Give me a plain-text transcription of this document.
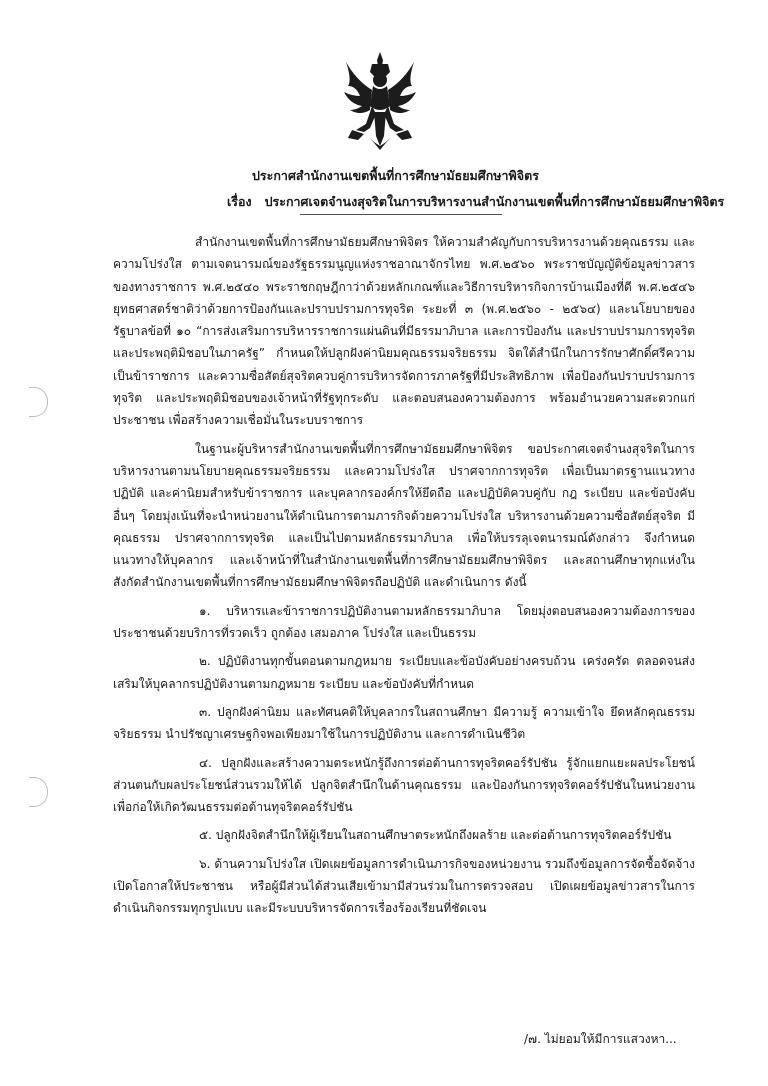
ประกาศสำนักงานเขตพื้นที่การศึกษามัธยมศึกษาพิจิตร
เรื่อง ประกาศเจตจำนงสุจริตในการบริหารงานสำนักงานเขตพื้นที่การศึกษามัธยมศึกษาพิจิตร

สำนักงานเขตพื้นที่การศึกษามัธยมศึกษาพิจิตร ให้ความสำคัญกับการบริหารงานด้วยคุณธรรม และความโปร่งใส ตามเจตนารมณ์ของรัฐธรรมนูญแห่งราชอาณาจักรไทย พ.ศ.๒๕๖๐ พระราชบัญญัติข้อมูลข่าวสารของทางราชการ พ.ศ.๒๕๔๐ พระราชกฤษฎีกาว่าด้วยหลักเกณฑ์และวิธีการบริหารกิจการบ้านเมืองที่ดี พ.ศ.๒๕๔๖ ยุทธศาสตร์ชาติว่าด้วยการป้องกันและปราบปรามการทุจริต ระยะที่ ๓ (พ.ศ.๒๕๖๐ - ๒๕๖๔) และนโยบายของรัฐบาลข้อที่ ๑๐ “การส่งเสริมการบริหารราชการแผ่นดินที่มีธรรมาภิบาล และการป้องกัน และปราบปรามการทุจริต และประพฤติมิชอบในภาครัฐ” กำหนดให้ปลูกฝังค่านิยมคุณธรรมจริยธรรม จิตใต้สำนึกในการรักษาศักดิ์ศรีความเป็นข้าราชการ และความซื่อสัตย์สุจริตควบคู่การบริหารจัดการภาครัฐที่มีประสิทธิภาพ เพื่อป้องกันปราบปรามการทุจริต และประพฤติมิชอบของเจ้าหน้าที่รัฐทุกระดับ และตอบสนองความต้องการ พร้อมอำนวยความสะดวกแก่ประชาชน เพื่อสร้างความเชื่อมั่นในระบบราชการ

ในฐานะผู้บริหารสำนักงานเขตพื้นที่การศึกษามัธยมศึกษาพิจิตร ขอประกาศเจตจำนงสุจริตในการบริหารงานตามนโยบายคุณธรรมจริยธรรม และความโปร่งใส ปราศจากการทุจริต เพื่อเป็นมาตรฐานแนวทางปฏิบัติ และค่านิยมสำหรับข้าราชการ และบุคลากรองค์กรให้ยึดถือ และปฏิบัติควบคู่กับ กฎ ระเบียบ และข้อบังคับอื่นๆ โดยมุ่งเน้นที่จะนำหน่วยงานให้ดำเนินการตามภารกิจด้วยความโปร่งใส บริหารงานด้วยความซื่อสัตย์สุจริต มีคุณธรรม ปราศจากการทุจริต และเป็นไปตามหลักธรรมาภิบาล เพื่อให้บรรลุเจตนารมณ์ดังกล่าว จึงกำหนดแนวทางให้บุคลากร และเจ้าหน้าที่ในสำนักงานเขตพื้นที่การศึกษามัธยมศึกษาพิจิตร และสถานศึกษาทุกแห่งในสังกัดสำนักงานเขตพื้นที่การศึกษามัธยมศึกษาพิจิตรถือปฏิบัติ และดำเนินการ ดังนี้

๑. บริหารและข้าราชการปฏิบัติงานตามหลักธรรมาภิบาล โดยมุ่งตอบสนองความต้องการของประชาชนด้วยบริการที่รวดเร็ว ถูกต้อง เสมอภาค โปร่งใส และเป็นธรรม

๒. ปฏิบัติงานทุกขั้นตอนตามกฎหมาย ระเบียบและข้อบังคับอย่างครบถ้วน เคร่งครัด ตลอดจนส่งเสริมให้บุคลากรปฏิบัติงานตามกฎหมาย ระเบียบ และข้อบังคับที่กำหนด

๓. ปลูกฝังค่านิยม และทัศนคติให้บุคลากรในสถานศึกษา มีความรู้ ความเข้าใจ ยึดหลักคุณธรรมจริยธรรม นำปรัชญาเศรษฐกิจพอเพียงมาใช้ในการปฏิบัติงาน และการดำเนินชีวิต

๔. ปลูกฝังและสร้างความตระหนักรู้ถึงการต่อต้านการทุจริตคอร์รัปชัน รู้จักแยกแยะผลประโยชน์ส่วนตนกับผลประโยชน์ส่วนรวมให้ได้ ปลูกจิตสำนึกในด้านคุณธรรม และป้องกันการทุจริตคอร์รัปชันในหน่วยงาน เพื่อก่อให้เกิดวัฒนธรรมต่อต้านทุจริตคอร์รัปชัน

๕. ปลูกฝังจิตสำนึกให้ผู้เรียนในสถานศึกษาตระหนักถึงผลร้าย และต่อต้านการทุจริตคอร์รัปชัน

๖. ด้านความโปร่งใส เปิดเผยข้อมูลการดำเนินภารกิจของหน่วยงาน รวมถึงข้อมูลการจัดซื้อจัดจ้างเปิดโอกาสให้ประชาชน หรือผู้มีส่วนได้ส่วนเสียเข้ามามีส่วนร่วมในการตรวจสอบ เปิดเผยข้อมูลข่าวสารในการดำเนินกิจกรรมทุกรูปแบบ และมีระบบบริหารจัดการเรื่องร้องเรียนที่ชัดเจน

/๗. ไม่ยอมให้มีการแสวงหา...
